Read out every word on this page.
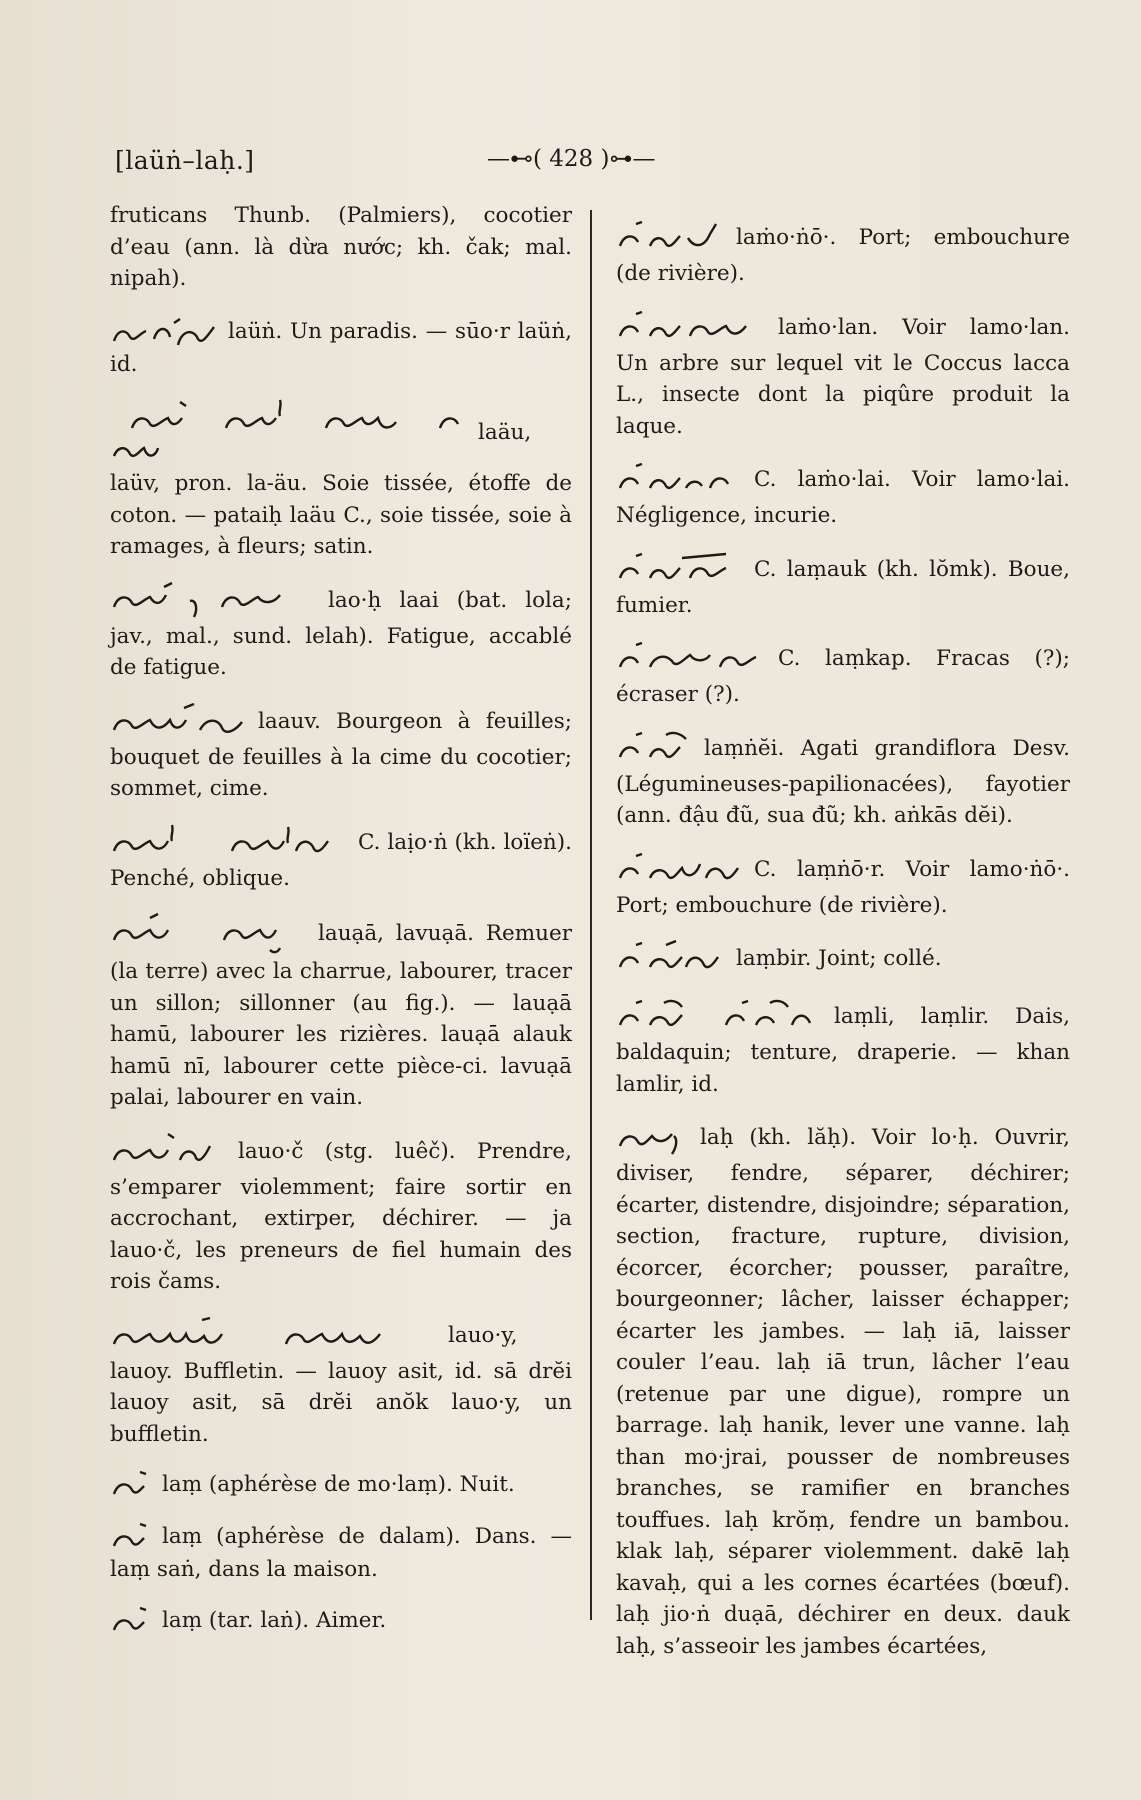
[laüṅ–laḥ.]	—⊷( 428 )⊶—

fruticans Thunb. (Palmiers), cocotier d’eau (ann. là dừa nước; kh. čak; mal. nipah).

laüṅ. Un paradis. — sūo·r laüṅ, id.

laäu, laüv, pron. la-äu. Soie tissée, étoffe de coton. — pataiḥ laäu C., soie tissée, soie à ramages, à fleurs; satin.

lao·ḥ laai (bat. lola; jav., mal., sund. lelah). Fatigue, accablé de fatigue.

laauv. Bourgeon à feuilles; bouquet de feuilles à la cime du cocotier; sommet, cime.

C. laịo·ṅ (kh. loïeṅ). Penché, oblique.

lauạā, lavuạā. Remuer (la terre) avec la charrue, labourer, tracer un sillon; sillonner (au fig.). — lauạā hamū, labourer les rizières. lauạā alauk hamū nī, labourer cette pièce-ci. lavuạā palai, labourer en vain.

lauo·č (stg. luêč). Prendre, s’emparer violemment; faire sortir en accrochant, extirper, déchirer. — ja lauo·č, les preneurs de fiel humain des rois čams.

lauo·y, lauoy. Buffletin. — lauoy asit, id. sā drĕi lauoy asit, sā drĕi anŏk lauo·y, un buffletin.

laṃ (aphérèse de mo·laṃ). Nuit.

laṃ (aphérèse de dalam). Dans. — laṃ saṅ, dans la maison.

laṃ (tar. laṅ). Aimer.

laṁo·ṅō·. Port; embouchure (de rivière).

laṁo·lan. Voir lamo·lan. Un arbre sur lequel vit le Coccus lacca L., insecte dont la piqûre produit la laque.

C. laṁo·lai. Voir lamo·lai. Négligence, incurie.

C. laṃauk (kh. lŏmk). Boue, fumier.

C. laṃkap. Fracas (?); écraser (?).

laṃṅĕi. Agati grandiflora Desv. (Légumineuses-papilionacées), fayotier (ann. đậu đũ, sua đũ; kh. aṅkās dĕi).

C. laṃṅō·r. Voir lamo·ṅō·. Port; embouchure (de rivière).

laṃbir. Joint; collé.

laṃli, laṃlir. Dais, baldaquin; tenture, draperie. — khan lamlir, id.

laḥ (kh. lăḥ). Voir lo·ḥ. Ouvrir, diviser, fendre, séparer, déchirer; écarter, distendre, disjoindre; séparation, section, fracture, rupture, division, écorcer, écorcher; pousser, paraître, bourgeonner; lâcher, laisser échapper; écarter les jambes. — laḥ iā, laisser couler l’eau. laḥ iā trun, lâcher l’eau (retenue par une digue), rompre un barrage. laḥ hanik, lever une vanne. laḥ than mo·jrai, pousser de nombreuses branches, se ramifier en branches touffues. laḥ krŏṃ, fendre un bambou. klak laḥ, séparer violemment. dakē laḥ kavaḥ, qui a les cornes écartées (bœuf). laḥ jio·ṅ duạā, déchirer en deux. dauk laḥ, s’asseoir les jambes écartées,
